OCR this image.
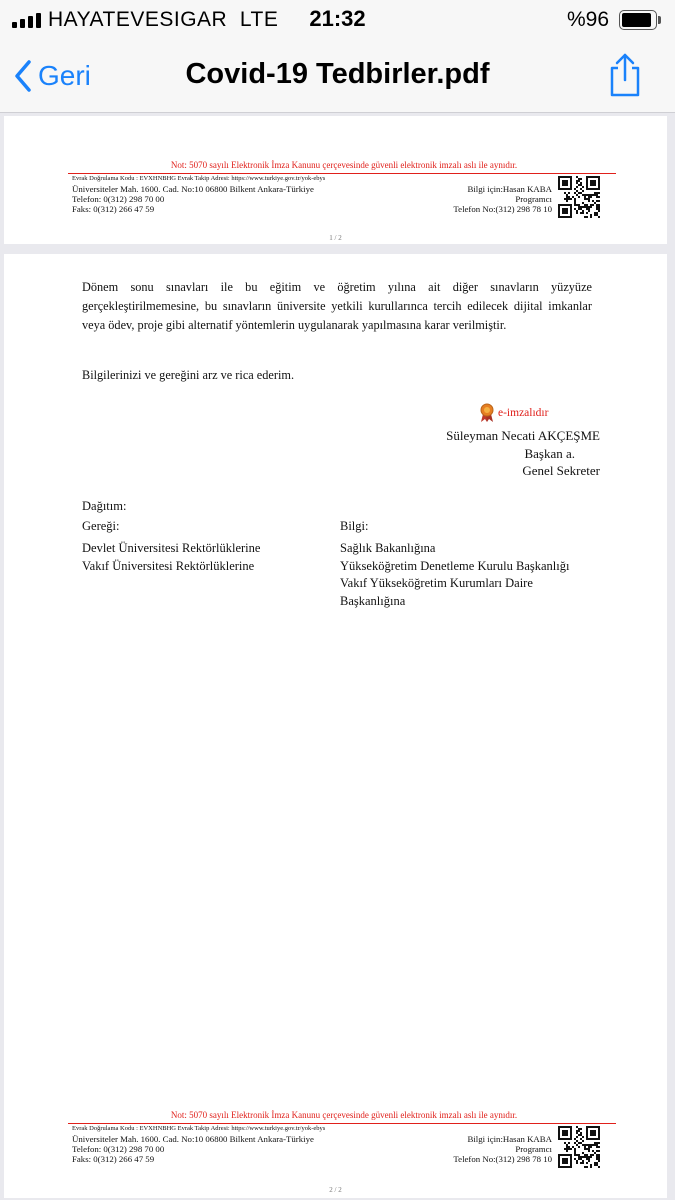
HAYATEVESIGAR LTE	21:32	%96
Geri	Covid-19 Tedbirler.pdf
Not: 5070 sayılı Elektronik İmza Kanunu çerçevesinde güvenli elektronik imzalı aslı ile aynıdır.
Evrak Doğrulama Kodu : EVXHNBHG Evrak Takip Adresi: https://www.turkiye.gov.tr/yok-ebys
Üniversiteler Mah. 1600. Cad. No:10 06800 Bilkent Ankara-Türkiye
Telefon: 0(312) 298 70 00
Faks: 0(312) 266 47 59
Bilgi için:Hasan KABA
Programcı
Telefon No:(312) 298 78 10
1 / 2
Dönem sonu sınavları ile bu eğitim ve öğretim yılına ait diğer sınavların yüzyüze gerçekleştirilmemesine, bu sınavların üniversite yetkili kurullarınca tercih edilecek dijital imkanlar veya ödev, proje gibi alternatif yöntemlerin uygulanarak yapılmasına karar verilmiştir.
Bilgilerinizi ve gereğini arz ve rica ederim.
e-imzalıdır
Süleyman Necati AKÇEŞME
Başkan a.
Genel Sekreter
Dağıtım:
Gereği:
Devlet Üniversitesi Rektörlüklerine
Vakıf Üniversitesi Rektörlüklerine
Bilgi:
Sağlık Bakanlığına
Yükseköğretim Denetleme Kurulu Başkanlığı
Vakıf Yükseköğretim Kurumları Daire
Başkanlığına
Not: 5070 sayılı Elektronik İmza Kanunu çerçevesinde güvenli elektronik imzalı aslı ile aynıdır.
Evrak Doğrulama Kodu : EVXHNBHG Evrak Takip Adresi: https://www.turkiye.gov.tr/yok-ebys
Üniversiteler Mah. 1600. Cad. No:10 06800 Bilkent Ankara-Türkiye
Telefon: 0(312) 298 70 00
Faks: 0(312) 266 47 59
Bilgi için:Hasan KABA
Programcı
Telefon No:(312) 298 78 10
2 / 2
